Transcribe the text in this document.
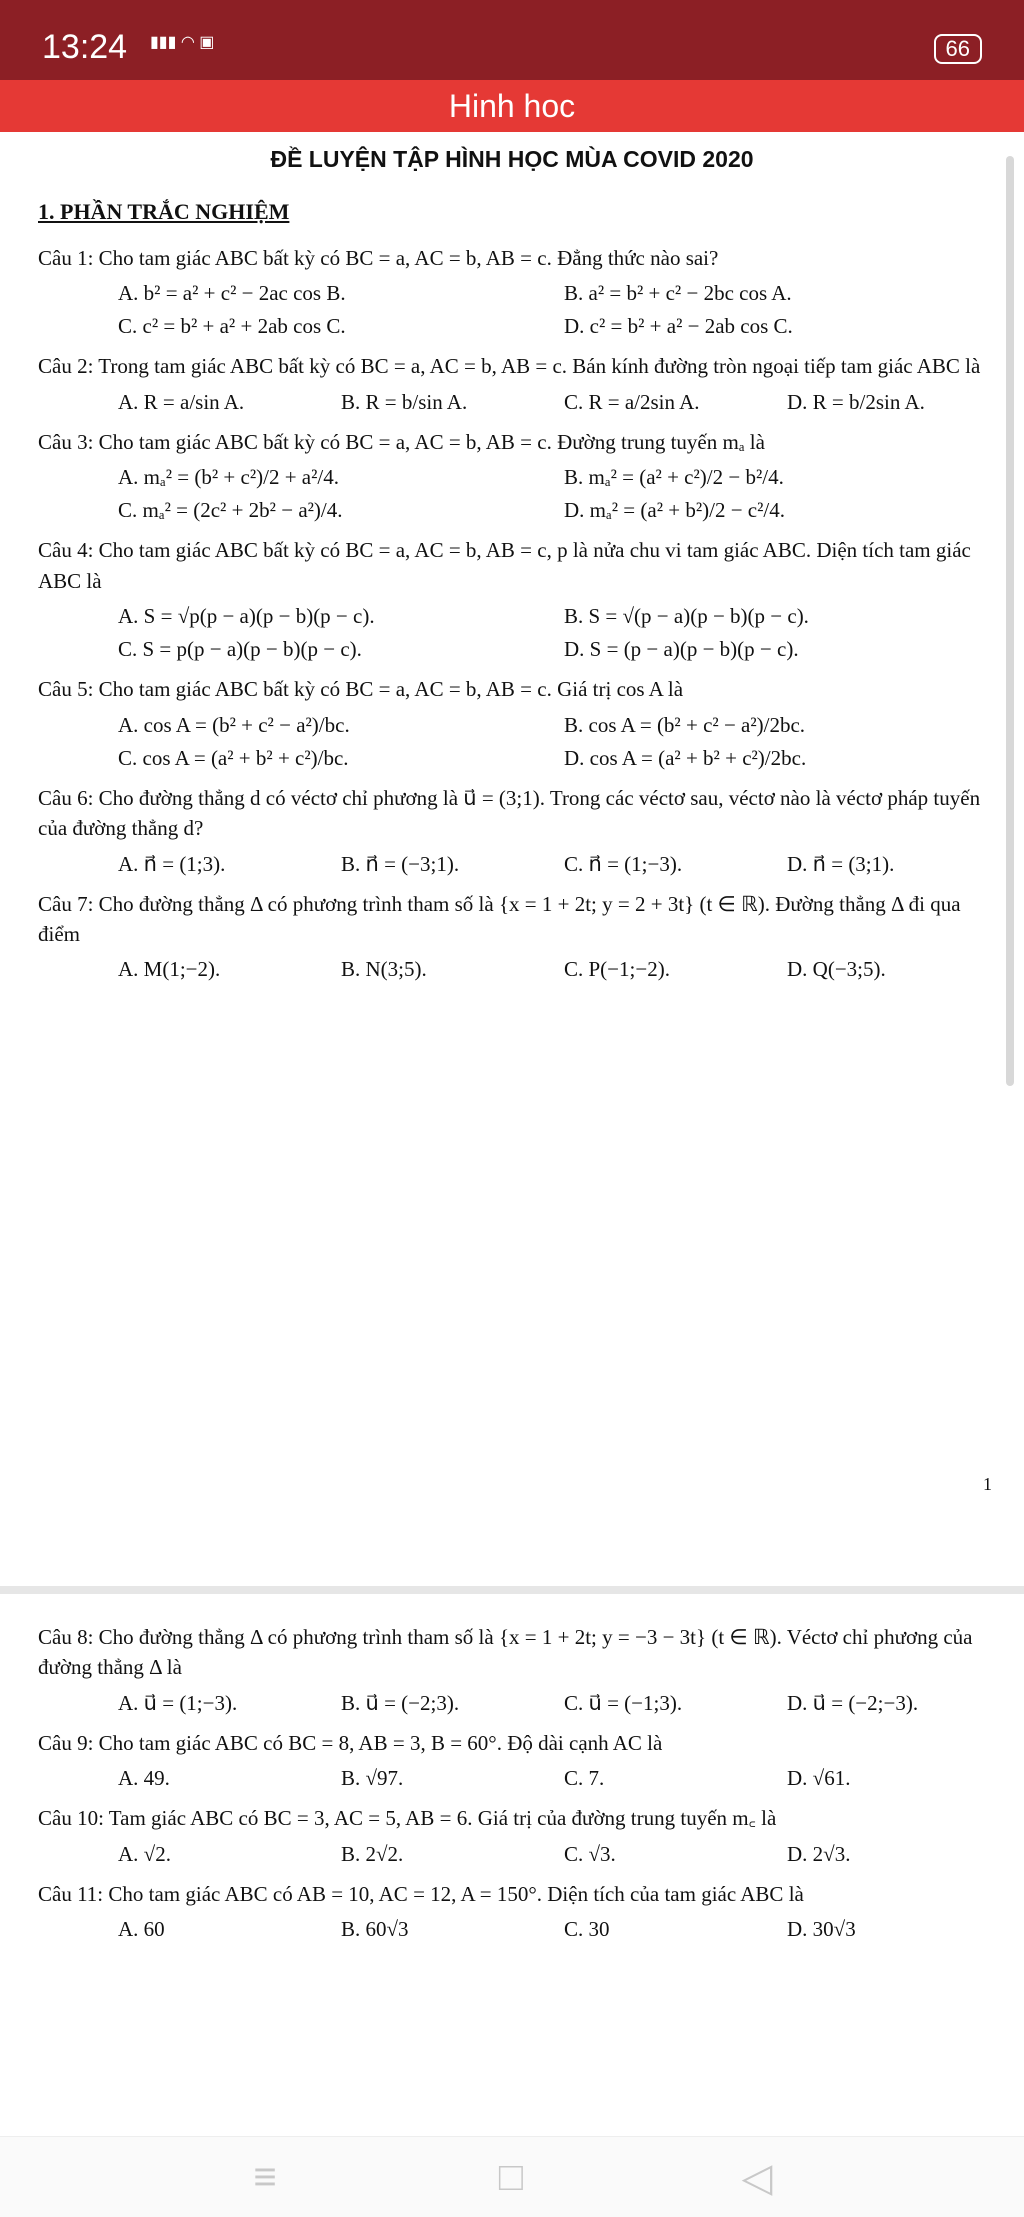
13:24 ▮▮▮ ◠ ▣	66
Hinh hoc
ĐỀ LUYỆN TẬP HÌNH HỌC MÙA COVID 2020
1. PHẦN TRẮC NGHIỆM

Câu 1: Cho tam giác ABC bất kỳ có BC = a, AC = b, AB = c. Đẳng thức nào sai?

A. b² = a² + c² − 2ac cos B.	B. a² = b² + c² − 2bc cos A.
C. c² = b² + a² + 2ab cos C.	D. c² = b² + a² − 2ab cos C.

Câu 2: Trong tam giác ABC bất kỳ có BC = a, AC = b, AB = c. Bán kính đường tròn ngoại tiếp tam giác ABC là

A. R = a/sin A.	B. R = b/sin A.	C. R = a/2sin A.	D. R = b/2sin A.

Câu 3: Cho tam giác ABC bất kỳ có BC = a, AC = b, AB = c. Đường trung tuyến mₐ là

A. mₐ² = (b² + c²)/2 + a²/4.	B. mₐ² = (a² + c²)/2 − b²/4.
C. mₐ² = (2c² + 2b² − a²)/4.	D. mₐ² = (a² + b²)/2 − c²/4.

Câu 4: Cho tam giác ABC bất kỳ có BC = a, AC = b, AB = c, p là nửa chu vi tam giác ABC. Diện tích tam giác ABC là

A. S = √p(p − a)(p − b)(p − c).	B. S = √(p − a)(p − b)(p − c).
C. S = p(p − a)(p − b)(p − c).	D. S = (p − a)(p − b)(p − c).

Câu 5: Cho tam giác ABC bất kỳ có BC = a, AC = b, AB = c. Giá trị cos A là

A. cos A = (b² + c² − a²)/bc.	B. cos A = (b² + c² − a²)/2bc.
C. cos A = (a² + b² + c²)/bc.	D. cos A = (a² + b² + c²)/2bc.

Câu 6: Cho đường thẳng d có véctơ chỉ phương là u⃗ = (3;1). Trong các véctơ sau, véctơ nào là véctơ pháp tuyến của đường thẳng d?

A. n⃗ = (1;3).	B. n⃗ = (−3;1).	C. n⃗ = (1;−3).	D. n⃗ = (3;1).

Câu 7: Cho đường thẳng Δ có phương trình tham số là {x = 1 + 2t; y = 2 + 3t} (t ∈ ℝ). Đường thẳng Δ đi qua điểm

A. M(1;−2).	B. N(3;5).	C. P(−1;−2).	D. Q(−3;5).
1

Câu 8: Cho đường thẳng Δ có phương trình tham số là {x = 1 + 2t; y = −3 − 3t} (t ∈ ℝ). Véctơ chỉ phương của đường thẳng Δ là

A. u⃗ = (1;−3).	B. u⃗ = (−2;3).	C. u⃗ = (−1;3).	D. u⃗ = (−2;−3).

Câu 9: Cho tam giác ABC có BC = 8, AB = 3, B = 60°. Độ dài cạnh AC là

A. 49.	B. √97.	C. 7.	D. √61.

Câu 10: Tam giác ABC có BC = 3, AC = 5, AB = 6. Giá trị của đường trung tuyến m꜀ là

A. √2.	B. 2√2.	C. √3.	D. 2√3.

Câu 11: Cho tam giác ABC có AB = 10, AC = 12, A = 150°. Diện tích của tam giác ABC là

A. 60	B. 60√3	C. 30	D. 30√3
≡	□	◁
